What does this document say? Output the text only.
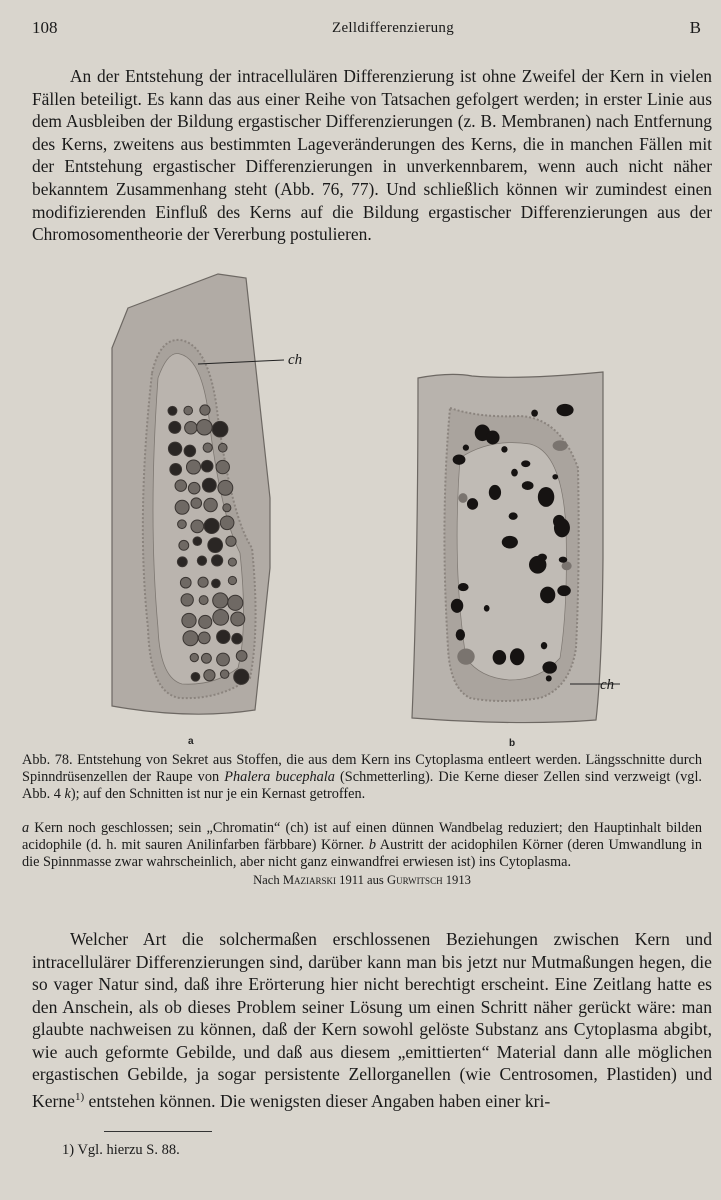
108	Zelldifferenzierung	B

An der Entstehung der intracellulären Differenzierung ist ohne Zweifel der Kern in vielen Fällen beteiligt. Es kann das aus einer Reihe von Tatsachen gefolgert werden; in erster Linie aus dem Ausbleiben der Bildung ergastischer Differenzierungen (z. B. Membranen) nach Entfernung des Kerns, zweitens aus bestimmten Lageveränderungen des Kerns, die in manchen Fällen mit der Entstehung ergastischer Differenzierungen in unverkennbarem, wenn auch nicht näher bekanntem Zusammenhang steht (Abb. 76, 77). Und schließlich können wir zumindest einen modifizierenden Einfluß des Kerns auf die Bildung ergastischer Differenzierungen aus der Chromosomentheorie der Vererbung postulieren.

ch
ch
a	b

Abb. 78. Entstehung von Sekret aus Stoffen, die aus dem Kern ins Cytoplasma entleert werden. Längsschnitte durch Spinndrüsenzellen der Raupe von Phalera bucephala (Schmetterling). Die Kerne dieser Zellen sind verzweigt (vgl. Abb. 4 k); auf den Schnitten ist nur je ein Kernast getroffen.

a Kern noch geschlossen; sein „Chromatin“ (ch) ist auf einen dünnen Wandbelag reduziert; den Hauptinhalt bilden acidophile (d. h. mit sauren Anilinfarben färbbare) Körner. b Austritt der acidophilen Körner (deren Umwandlung in die Spinnmasse zwar wahrscheinlich, aber nicht ganz einwandfrei erwiesen ist) ins Cytoplasma.

Nach Maziarski 1911 aus Gurwitsch 1913

Welcher Art die solchermaßen erschlossenen Beziehungen zwischen Kern und intracellulärer Differenzierungen sind, darüber kann man bis jetzt nur Mutmaßungen hegen, die so vager Natur sind, daß ihre Erörterung hier nicht berechtigt erscheint. Eine Zeitlang hatte es den Anschein, als ob dieses Problem seiner Lösung um einen Schritt näher gerückt wäre: man glaubte nachweisen zu können, daß der Kern sowohl gelöste Substanz ans Cytoplasma abgibt, wie auch geformte Gebilde, und daß aus diesem „emittierten“ Material dann alle möglichen ergastischen Gebilde, ja sogar persistente Zellorganellen (wie Centrosomen, Plastiden) und Kerne$^{1)}$ entstehen können. Die wenigsten dieser Angaben haben einer kri-

1) Vgl. hierzu S. 88.
